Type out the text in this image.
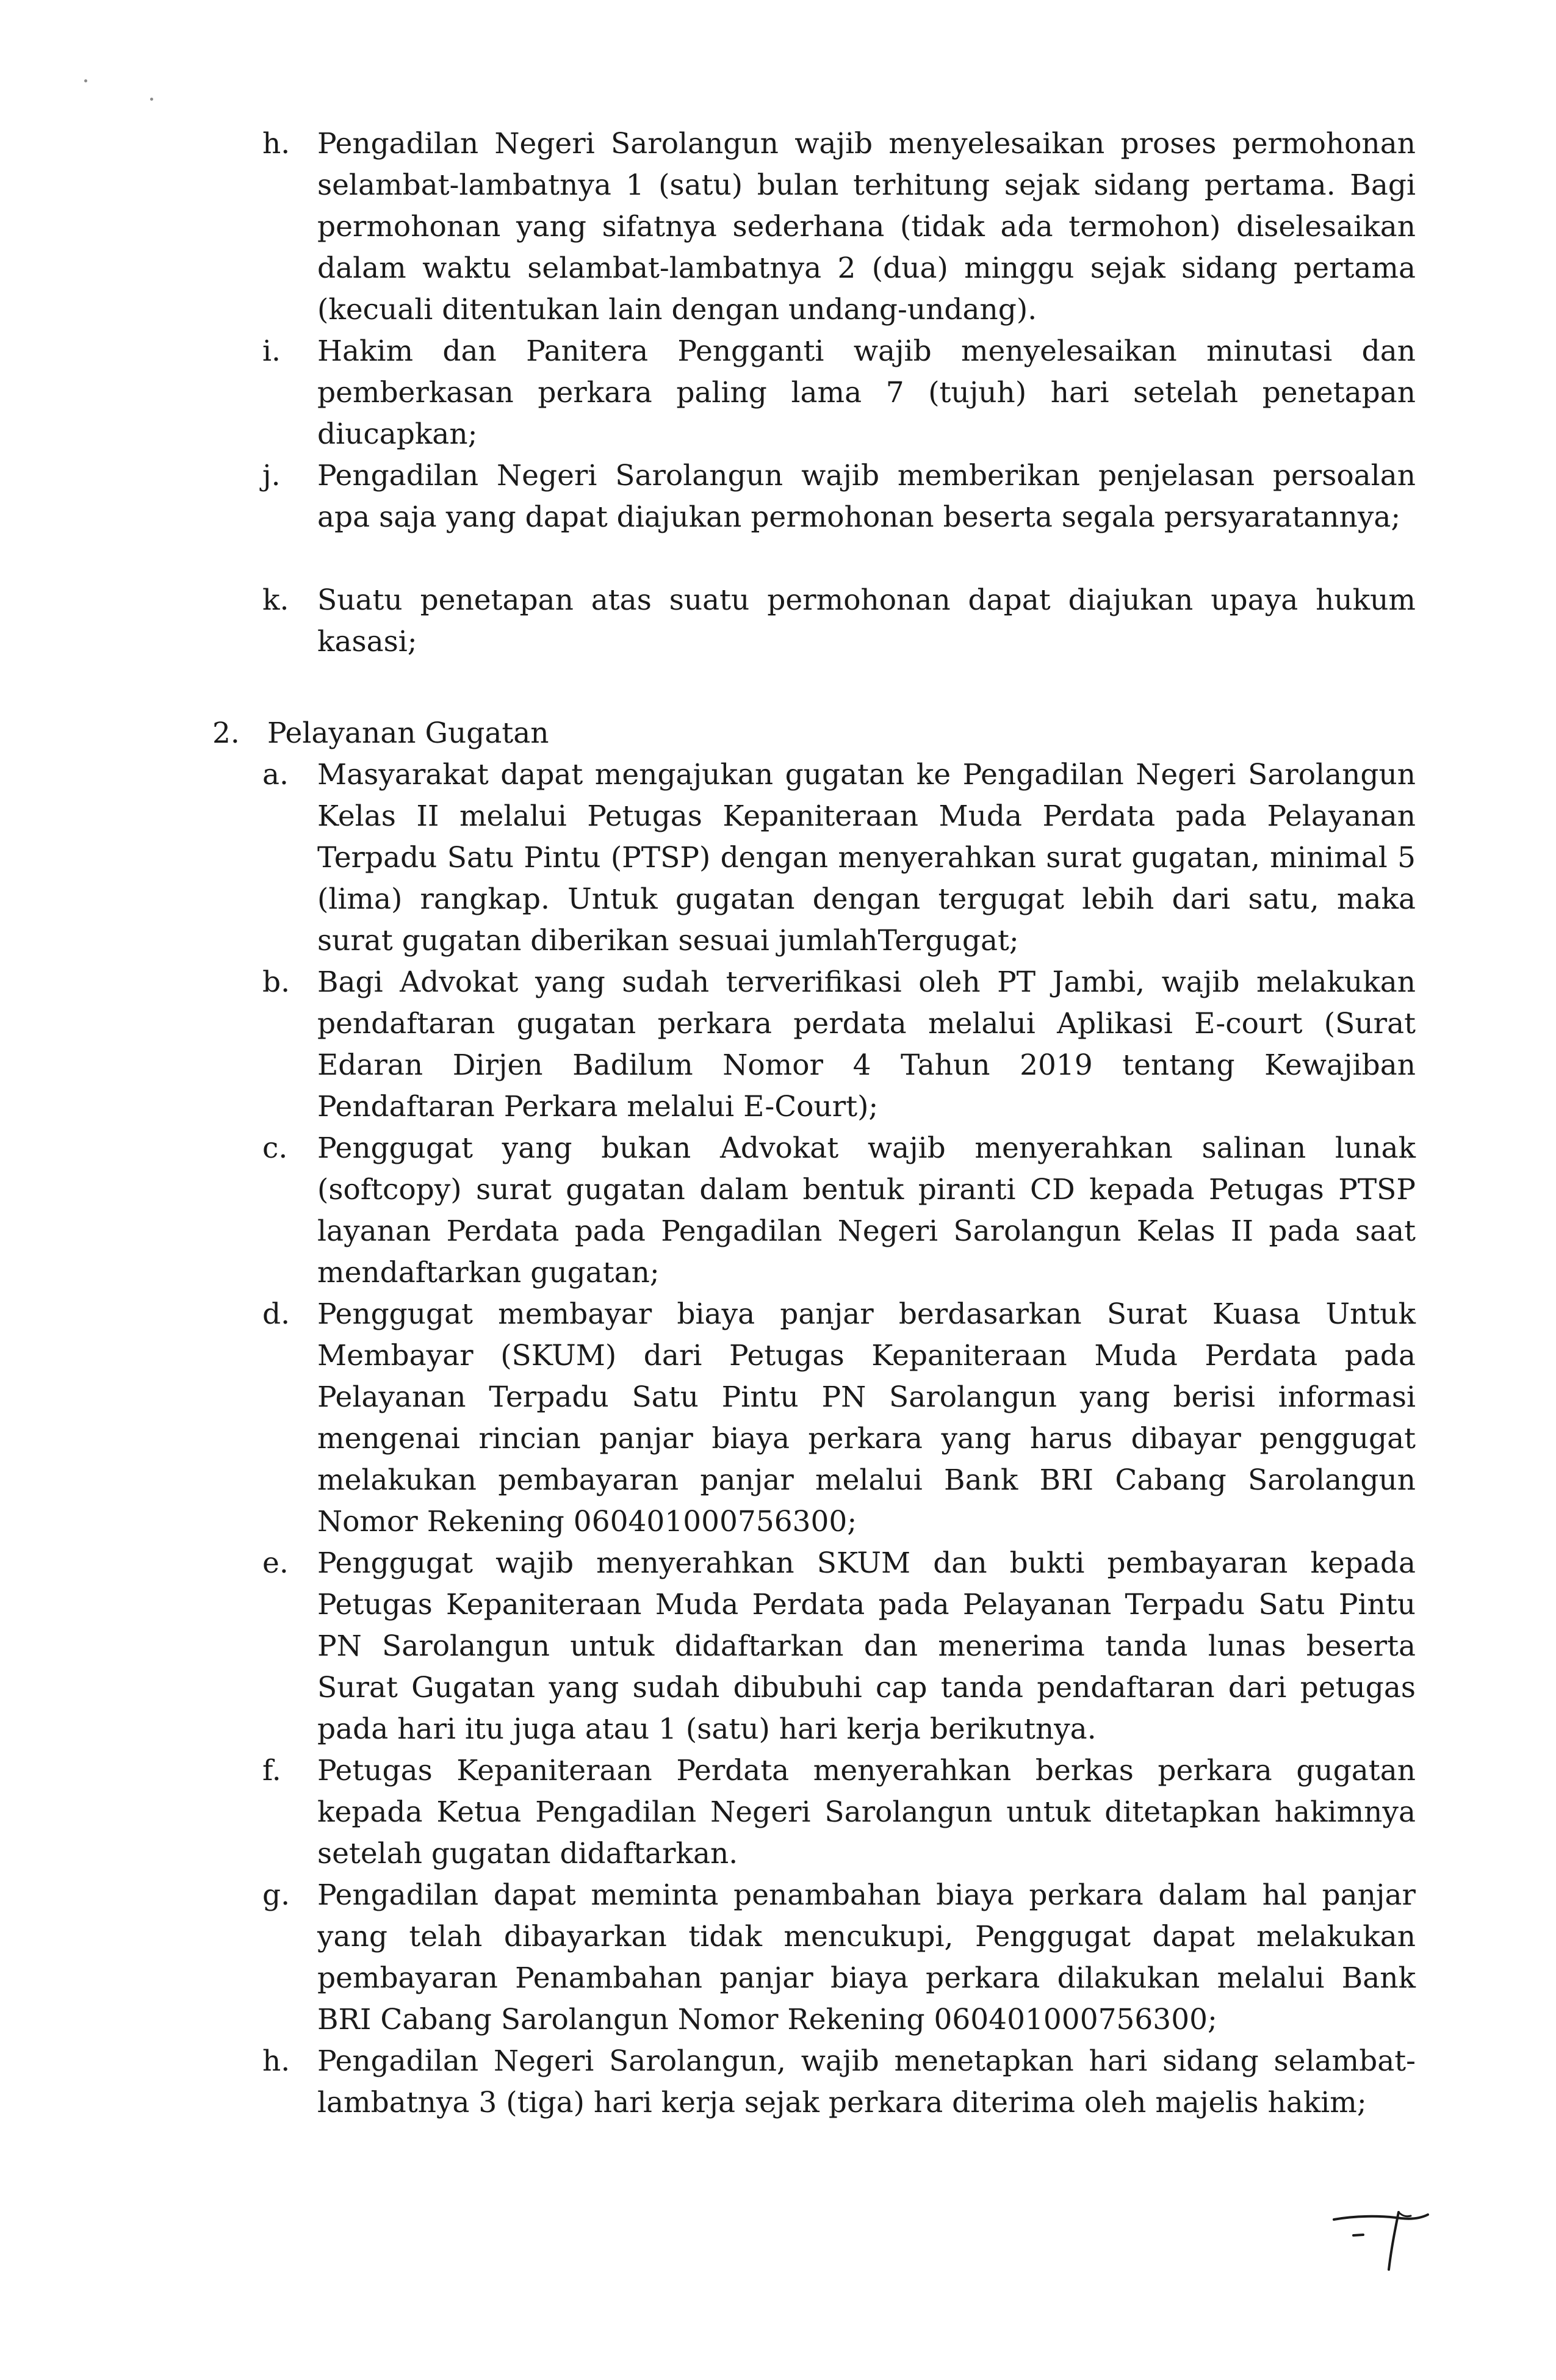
h. Pengadilan Negeri Sarolangun wajib menyelesaikan proses permohonan selambat-lambatnya 1 (satu) bulan terhitung sejak sidang pertama. Bagi permohonan yang sifatnya sederhana (tidak ada termohon) diselesaikan dalam waktu selambat-lambatnya 2 (dua) minggu sejak sidang pertama (kecuali ditentukan lain dengan undang-undang).
i. Hakim dan Panitera Pengganti wajib menyelesaikan minutasi dan pemberkasan perkara paling lama 7 (tujuh) hari setelah penetapan diucapkan;
j. Pengadilan Negeri Sarolangun wajib memberikan penjelasan persoalan apa saja yang dapat diajukan permohonan beserta segala persyaratannya;
k. Suatu penetapan atas suatu permohonan dapat diajukan upaya hukum kasasi;
2. Pelayanan Gugatan
a. Masyarakat dapat mengajukan gugatan ke Pengadilan Negeri Sarolangun Kelas II melalui Petugas Kepaniteraan Muda Perdata pada Pelayanan Terpadu Satu Pintu (PTSP) dengan menyerahkan surat gugatan, minimal 5 (lima) rangkap. Untuk gugatan dengan tergugat lebih dari satu, maka surat gugatan diberikan sesuai jumlahTergugat;
b. Bagi Advokat yang sudah terverifikasi oleh PT Jambi, wajib melakukan pendaftaran gugatan perkara perdata melalui Aplikasi E-court (Surat Edaran Dirjen Badilum Nomor 4 Tahun 2019 tentang Kewajiban Pendaftaran Perkara melalui E-Court);
c. Penggugat yang bukan Advokat wajib menyerahkan salinan lunak (softcopy) surat gugatan dalam bentuk piranti CD kepada Petugas PTSP layanan Perdata pada Pengadilan Negeri Sarolangun Kelas II pada saat mendaftarkan gugatan;
d. Penggugat membayar biaya panjar berdasarkan Surat Kuasa Untuk Membayar (SKUM) dari Petugas Kepaniteraan Muda Perdata pada Pelayanan Terpadu Satu Pintu PN Sarolangun yang berisi informasi mengenai rincian panjar biaya perkara yang harus dibayar penggugat melakukan pembayaran panjar melalui Bank BRI Cabang Sarolangun Nomor Rekening 060401000756300;
e. Penggugat wajib menyerahkan SKUM dan bukti pembayaran kepada Petugas Kepaniteraan Muda Perdata pada Pelayanan Terpadu Satu Pintu PN Sarolangun untuk didaftarkan dan menerima tanda lunas beserta Surat Gugatan yang sudah dibubuhi cap tanda pendaftaran dari petugas pada hari itu juga atau 1 (satu) hari kerja berikutnya.
f. Petugas Kepaniteraan Perdata menyerahkan berkas perkara gugatan kepada Ketua Pengadilan Negeri Sarolangun untuk ditetapkan hakimnya setelah gugatan didaftarkan.
g. Pengadilan dapat meminta penambahan biaya perkara dalam hal panjar yang telah dibayarkan tidak mencukupi, Penggugat dapat melakukan pembayaran Penambahan panjar biaya perkara dilakukan melalui Bank BRI Cabang Sarolangun Nomor Rekening 060401000756300;
h. Pengadilan Negeri Sarolangun, wajib menetapkan hari sidang selambat-lambatnya 3 (tiga) hari kerja sejak perkara diterima oleh majelis hakim;
